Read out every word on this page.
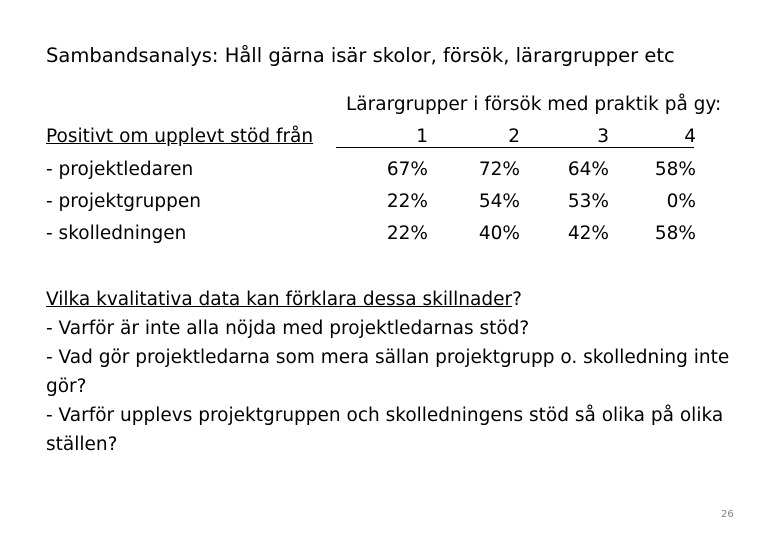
Sambandsanalys: Håll gärna isär skolor, försök, lärargrupper etc
Lärargrupper i försök med praktik på gy:
Positivt om upplevt stöd från	1	2	3	4
- projektledaren	67%	72%	64%	58%
- projektgruppen	22%	54%	53%	0%
- skolledningen	22%	40%	42%	58%
Vilka kvalitativa data kan förklara dessa skillnader?
- Varför är inte alla nöjda med projektledarnas stöd?
- Vad gör projektledarna som mera sällan projektgrupp o. skolledning inte gör?
- Varför upplevs projektgruppen och skolledningens stöd så olika på olika ställen?
26
